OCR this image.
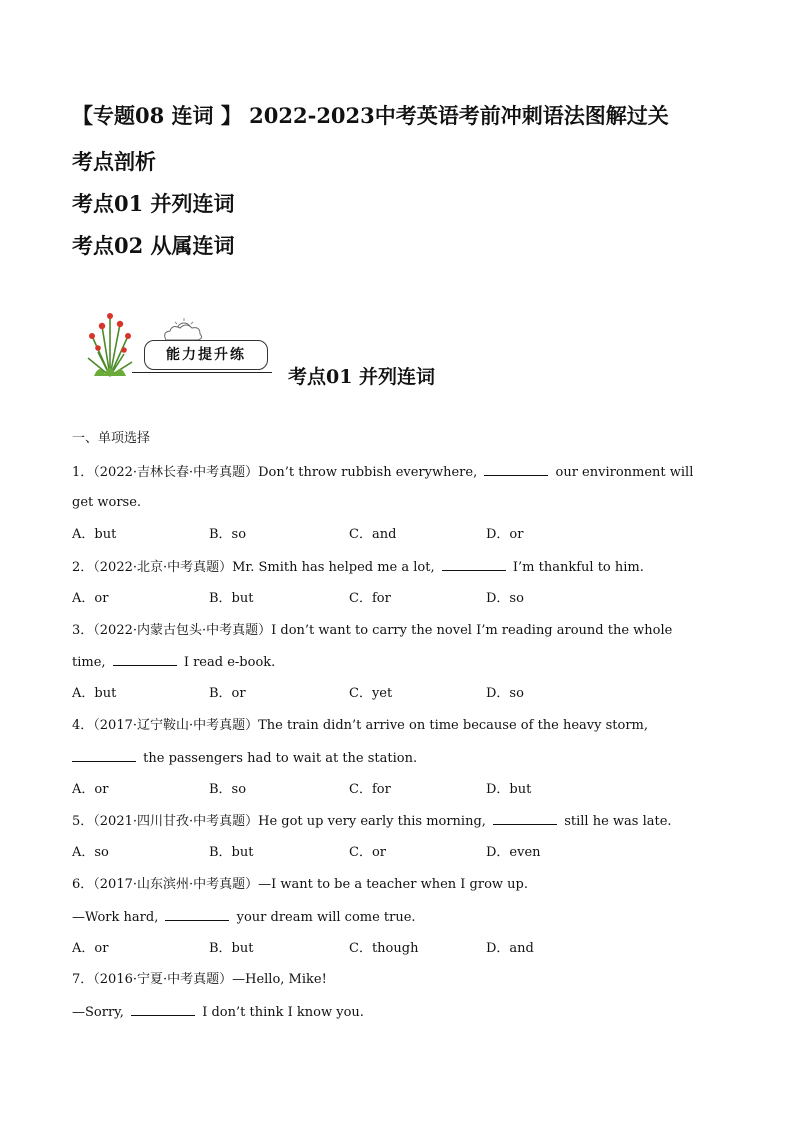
【专题08 连词 】 2022-2023中考英语考前冲刺语法图解过关
考点剖析
考点01 并列连词
考点02 从属连词
能力提升练
考点01 并列连词
一、单项选择
1．（2022·吉林长春·中考真题）Don’t throw rubbish everywhere,	our environment will
get worse.
A．but	B．so	C．and	D．or
2．（2022·北京·中考真题）Mr. Smith has helped me a lot,	I’m thankful to him.
A．or	B．but	C．for	D．so
3．（2022·内蒙古包头·中考真题）I don’t want to carry the novel I’m reading around the whole
time,	I read e-book.
A．but	B．or	C．yet	D．so
4．（2017·辽宁鞍山·中考真题）The train didn’t arrive on time because of the heavy storm,
the passengers had to wait at the station.
A．or	B．so	C．for	D．but
5．（2021·四川甘孜·中考真题）He got up very early this morning,	still he was late.
A．so	B．but	C．or	D．even
6．（2017·山东滨州·中考真题）—I want to be a teacher when I grow up.
—Work hard,	your dream will come true.
A．or	B．but	C．though	D．and
7．（2016·宁夏·中考真题）—Hello, Mike!
—Sorry,	I don’t think I know you.
